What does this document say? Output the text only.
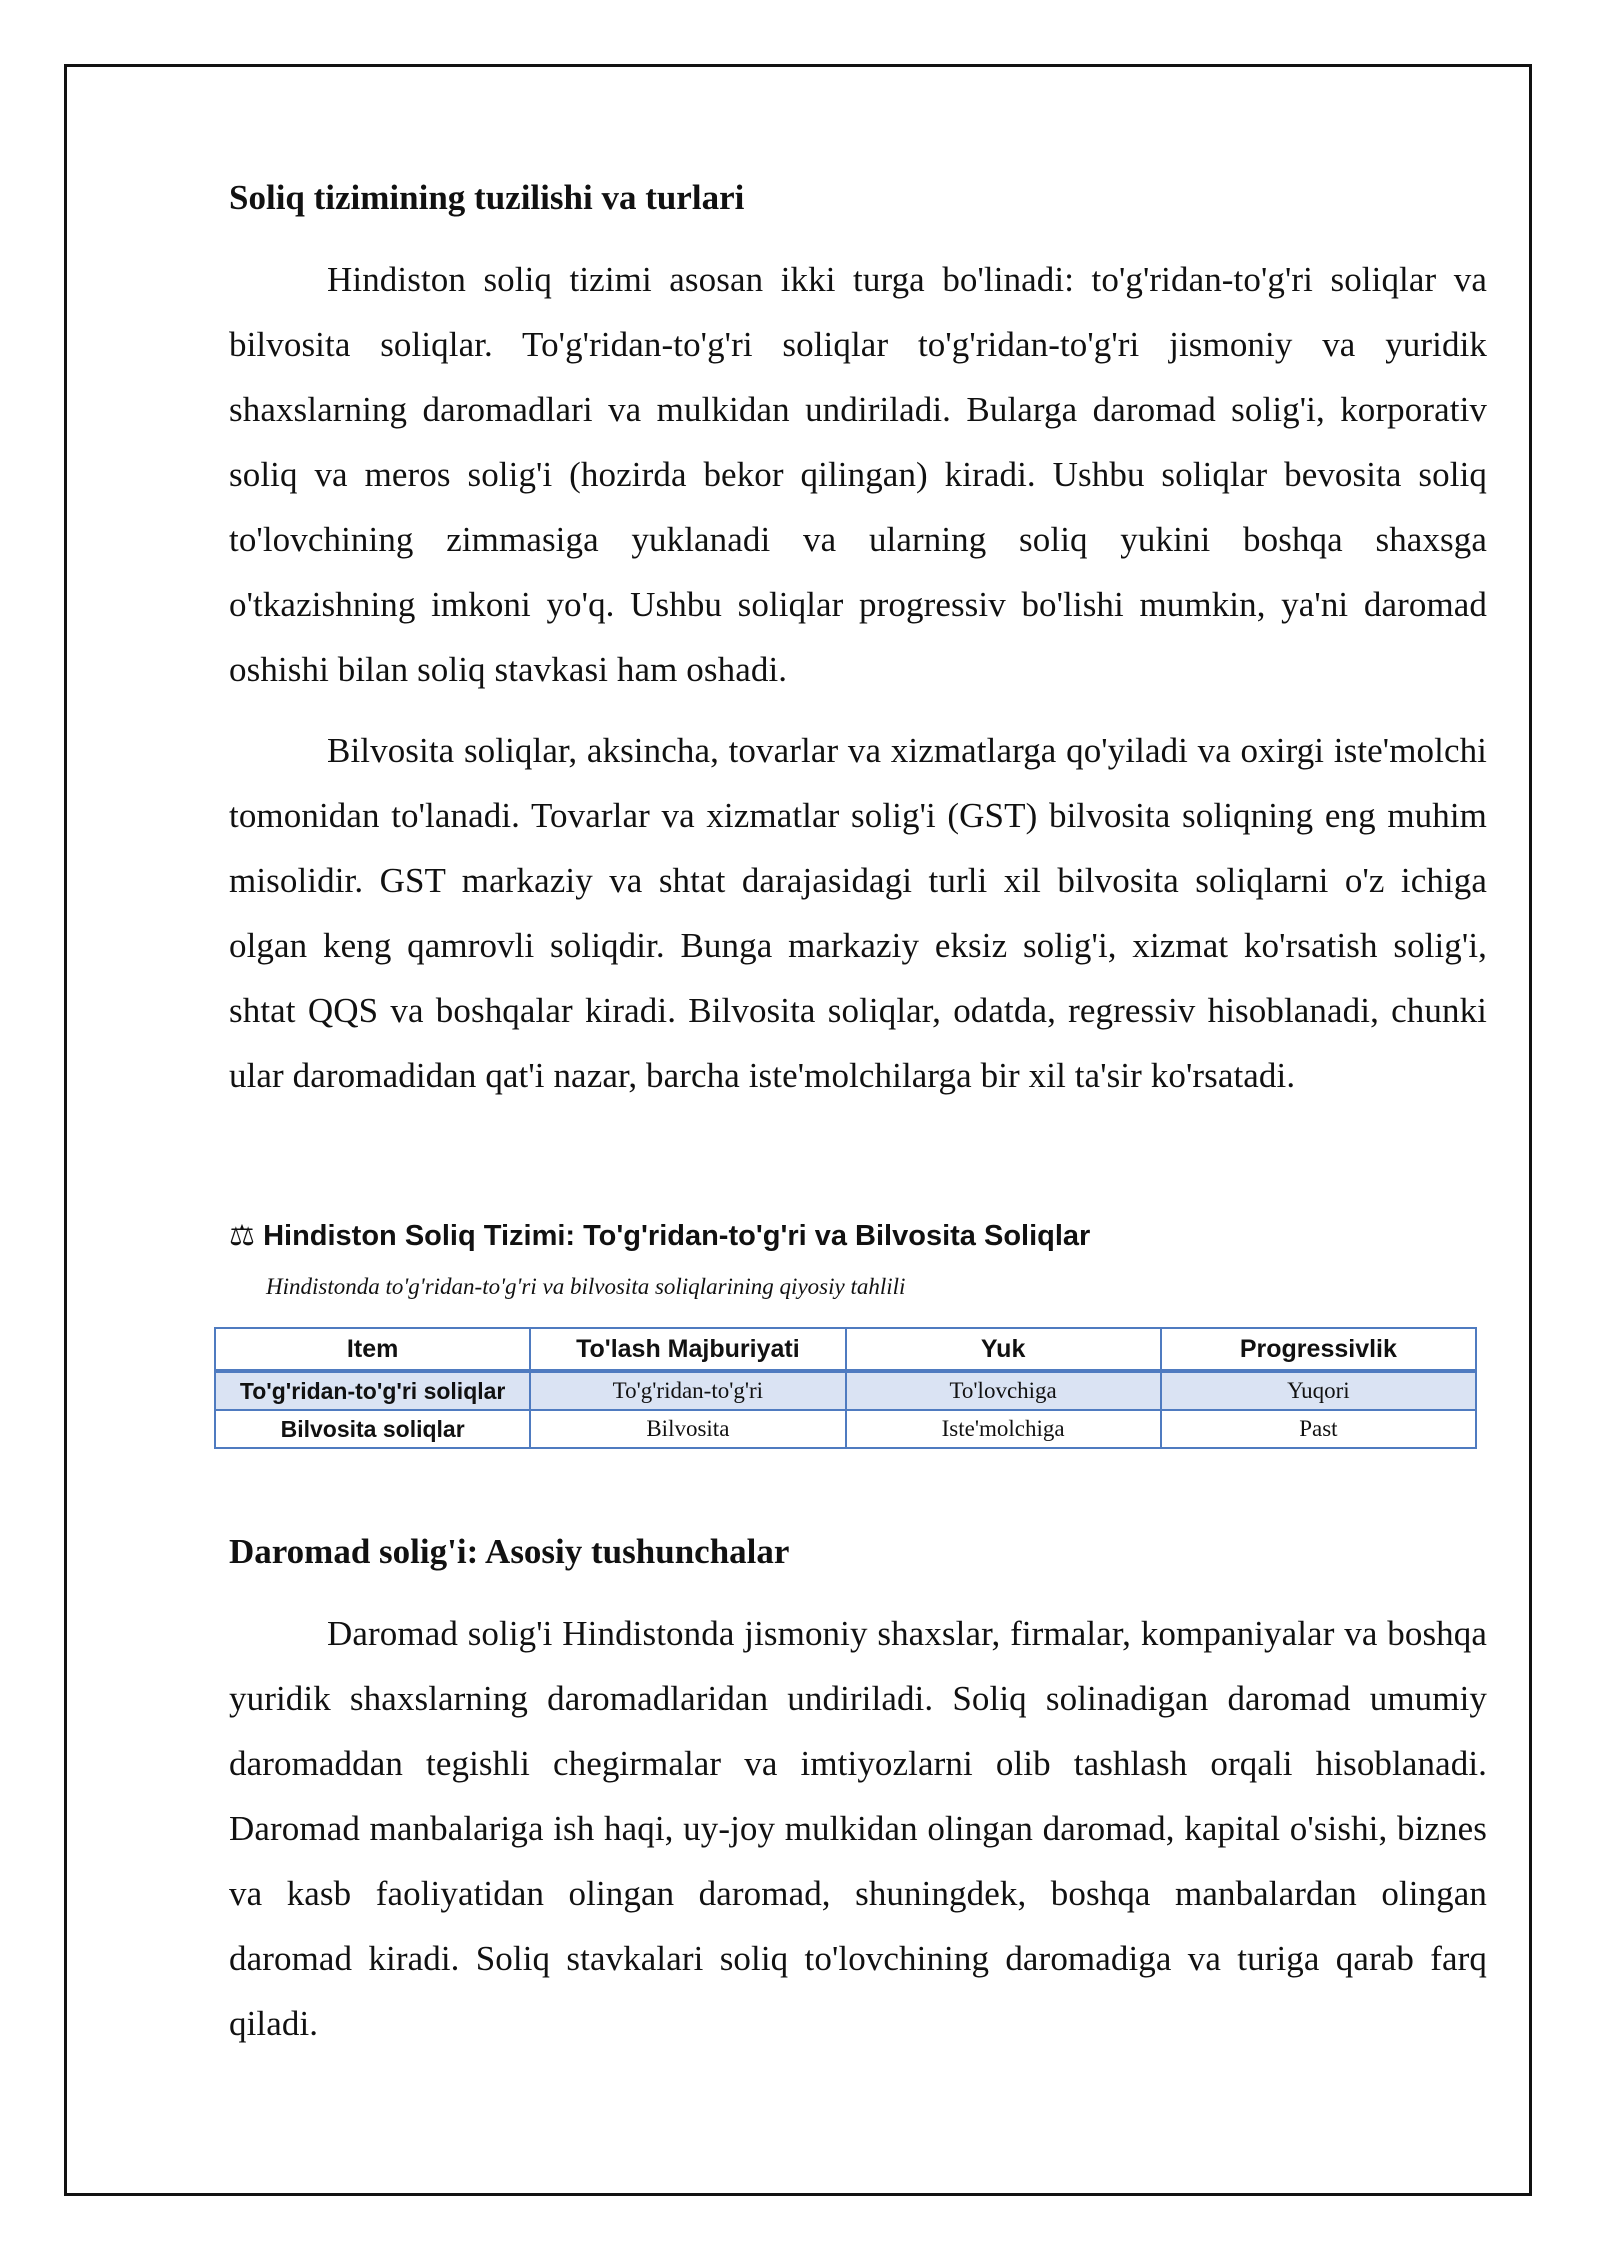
Soliq tizimining tuzilishi va turlari

Hindiston soliq tizimi asosan ikki turga bo'linadi: to'g'ridan-to'g'ri soliqlar va bilvosita soliqlar. To'g'ridan-to'g'ri soliqlar to'g'ridan-to'g'ri jismoniy va yuridik shaxslarning daromadlari va mulkidan undiriladi. Bularga daromad solig'i, korporativ soliq va meros solig'i (hozirda bekor qilingan) kiradi. Ushbu soliqlar bevosita soliq to'lovchining zimmasiga yuklanadi va ularning soliq yukini boshqa shaxsga o'tkazishning imkoni yo'q. Ushbu soliqlar progressiv bo'lishi mumkin, ya'ni daromad oshishi bilan soliq stavkasi ham oshadi.

Bilvosita soliqlar, aksincha, tovarlar va xizmatlarga qo'yiladi va oxirgi iste'molchi tomonidan to'lanadi. Tovarlar va xizmatlar solig'i (GST) bilvosita soliqning eng muhim misolidir. GST markaziy va shtat darajasidagi turli xil bilvosita soliqlarni o'z ichiga olgan keng qamrovli soliqdir. Bunga markaziy eksiz solig'i, xizmat ko'rsatish solig'i, shtat QQS va boshqalar kiradi. Bilvosita soliqlar, odatda, regressiv hisoblanadi, chunki ular daromadidan qat'i nazar, barcha iste'molchilarga bir xil ta'sir ko'rsatadi.

⚖ Hindiston Soliq Tizimi: To'g'ridan-to'g'ri va Bilvosita Soliqlar

Hindistonda to'g'ridan-to'g'ri va bilvosita soliqlarining qiyosiy tahlili

Item	To'lash Majburiyati	Yuk	Progressivlik
To'g'ridan-to'g'ri soliqlar	To'g'ridan-to'g'ri	To'lovchiga	Yuqori
Bilvosita soliqlar	Bilvosita	Iste'molchiga	Past
Daromad solig'i: Asosiy tushunchalar

Daromad solig'i Hindistonda jismoniy shaxslar, firmalar, kompaniyalar va boshqa yuridik shaxslarning daromadlaridan undiriladi. Soliq solinadigan daromad umumiy daromaddan tegishli chegirmalar va imtiyozlarni olib tashlash orqali hisoblanadi. Daromad manbalariga ish haqi, uy-joy mulkidan olingan daromad, kapital o'sishi, biznes va kasb faoliyatidan olingan daromad, shuningdek, boshqa manbalardan olingan daromad kiradi. Soliq stavkalari soliq to'lovchining daromadiga va turiga qarab farq qiladi.
